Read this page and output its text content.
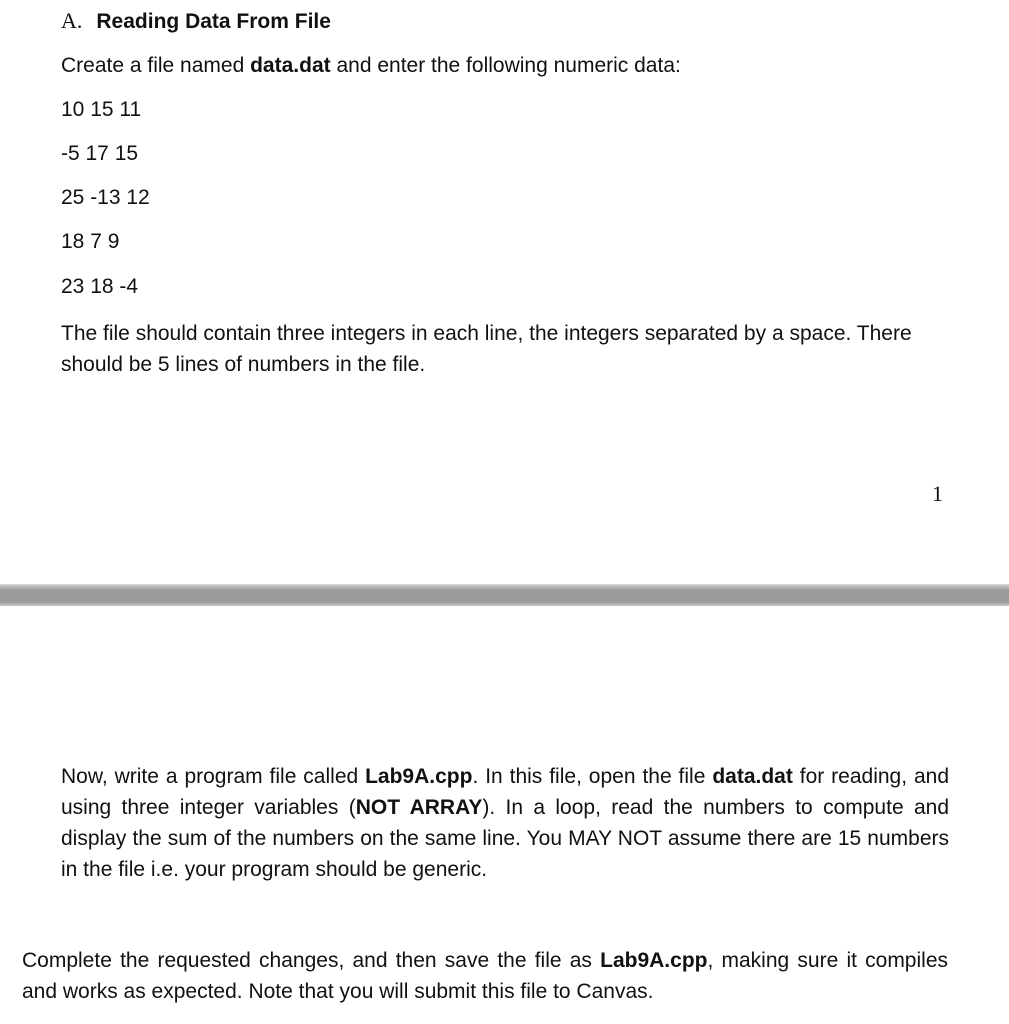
A. Reading Data From File
Create a file named data.dat and enter the following numeric data:
10 15 11
-5 17 15
25 -13 12
18 7 9
23 18 -4
The file should contain three integers in each line, the integers separated by a space. There should be 5 lines of numbers in the file.
1
Now, write a program file called Lab9A.cpp. In this file, open the file data.dat for reading, and using three integer variables (NOT ARRAY). In a loop, read the numbers to compute and display the sum of the numbers on the same line. You MAY NOT assume there are 15 numbers in the file i.e. your program should be generic.
Complete the requested changes, and then save the file as Lab9A.cpp, making sure it compiles and works as expected. Note that you will submit this file to Canvas.
